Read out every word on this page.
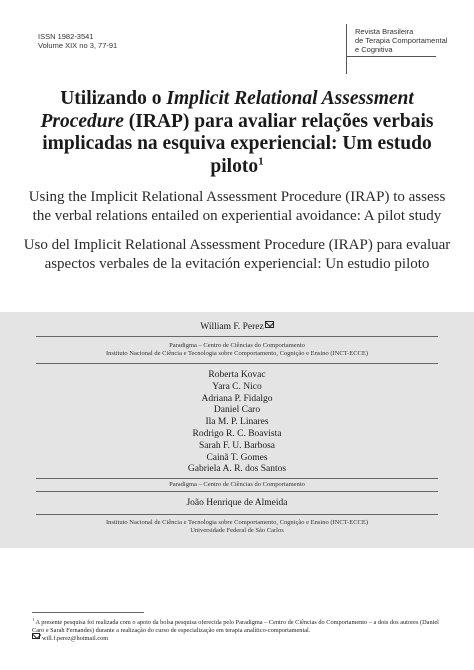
ISSN 1982-3541
Volume XIX no 3, 77-91
Revista Brasileira
de Terapia Comportamental
e Cognitiva
Utilizando o Implicit Relational Assessment Procedure (IRAP) para avaliar relações verbais implicadas na esquiva experiencial: Um estudo piloto$^1$
Using the Implicit Relational Assessment Procedure (IRAP) to assess the verbal relations entailed on experiential avoidance: A pilot study
Uso del Implicit Relational Assessment Procedure (IRAP) para evaluar aspectos verbales de la evitación experiencial: Un estudio piloto
William F. Perez
Paradigma – Centro de Ciências do Comportamento
Instituto Nacional de Ciência e Tecnologia sobre Comportamento, Cognição e Ensino (INCT-ECCE)
Roberta Kovac
Yara C. Nico
Adriana P. Fidalgo
Daniel Caro
Ila M. P. Linares
Rodrigo R. C. Boavista
Sarah F. U. Barbosa
Cainã T. Gomes
Gabriela A. R. dos Santos
Paradigma – Centro de Ciências do Comportamento
João Henrique de Almeida
Instituto Nacional de Ciência e Tecnologia sobre Comportamento, Cognição e Ensino (INCT-ECCE)
Universidade Federal de São Carlos
$^1$ A presente pesquisa foi realizada com o apoio da bolsa pesquisa oferecida pelo Paradigma – Centro de Ciências do Comportamento – a dois dos autores (Daniel Caro e Sarah Fernandes) durante a realização do curso de especialização em terapia analítico-comportamental.
will.f.perez@hotmail.com
